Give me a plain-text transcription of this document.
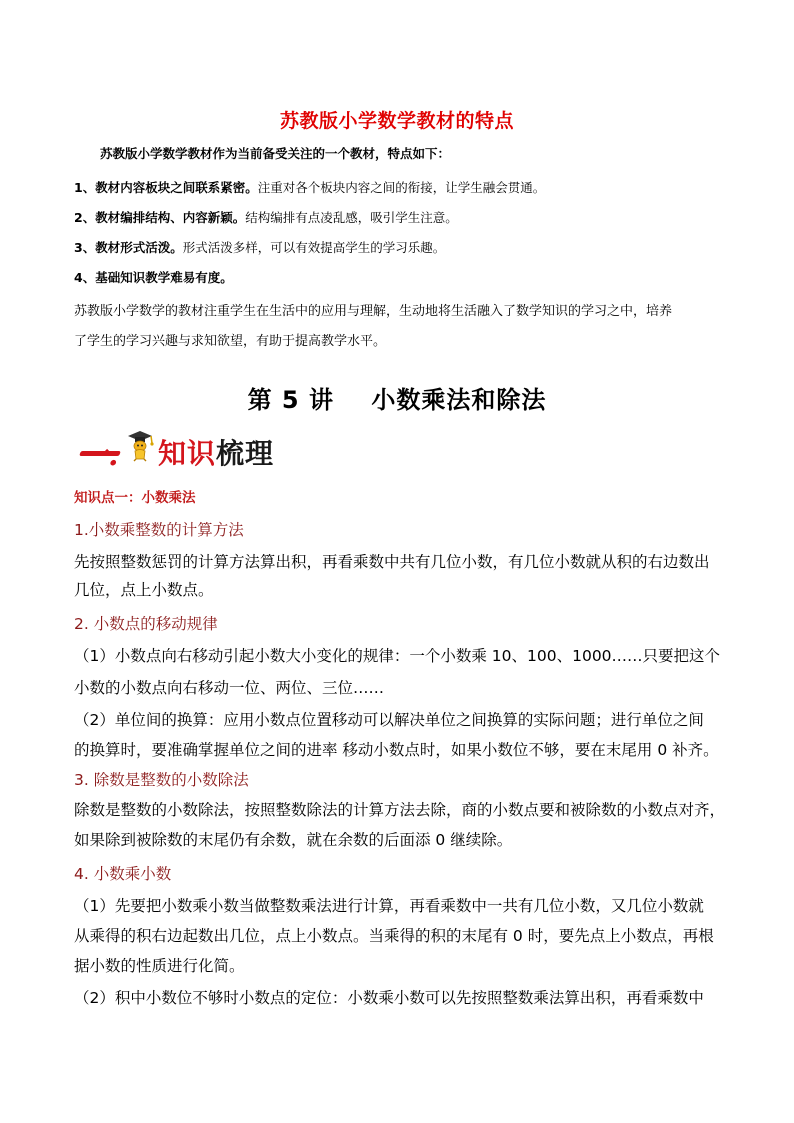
苏教版小学数学教材的特点
苏教版小学数学教材作为当前备受关注的一个教材，特点如下：
1、教材内容板块之间联系紧密。注重对各个板块内容之间的衔接，让学生融会贯通。
2、教材编排结构、内容新颖。结构编排有点凌乱感，吸引学生注意。
3、教材形式活泼。形式活泼多样，可以有效提高学生的学习乐趣。
4、基础知识教学难易有度。
苏教版小学数学的教材注重学生在生活中的应用与理解，生动地将生活融入了数学知识的学习之中，培养
了学生的学习兴趣与求知欲望，有助于提高教学水平。
第 5 讲    小数乘法和除法
一. 知识梳理
知识点一：小数乘法
1.小数乘整数的计算方法
先按照整数惩罚的计算方法算出积，再看乘数中共有几位小数，有几位小数就从积的右边数出
几位，点上小数点。
2. 小数点的移动规律
（1）小数点向右移动引起小数大小变化的规律：一个小数乘 10、100、1000……只要把这个
小数的小数点向右移动一位、两位、三位……
（2）单位间的换算：应用小数点位置移动可以解决单位之间换算的实际问题；进行单位之间
的换算时，要准确掌握单位之间的进率 移动小数点时，如果小数位不够，要在末尾用 0 补齐。
3. 除数是整数的小数除法
除数是整数的小数除法，按照整数除法的计算方法去除，商的小数点要和被除数的小数点对齐，
如果除到被除数的末尾仍有余数，就在余数的后面添 0 继续除。
4. 小数乘小数
（1）先要把小数乘小数当做整数乘法进行计算，再看乘数中一共有几位小数，又几位小数就
从乘得的积右边起数出几位，点上小数点。当乘得的积的末尾有 0 时，要先点上小数点，再根
据小数的性质进行化简。
（2）积中小数位不够时小数点的定位：小数乘小数可以先按照整数乘法算出积，再看乘数中
